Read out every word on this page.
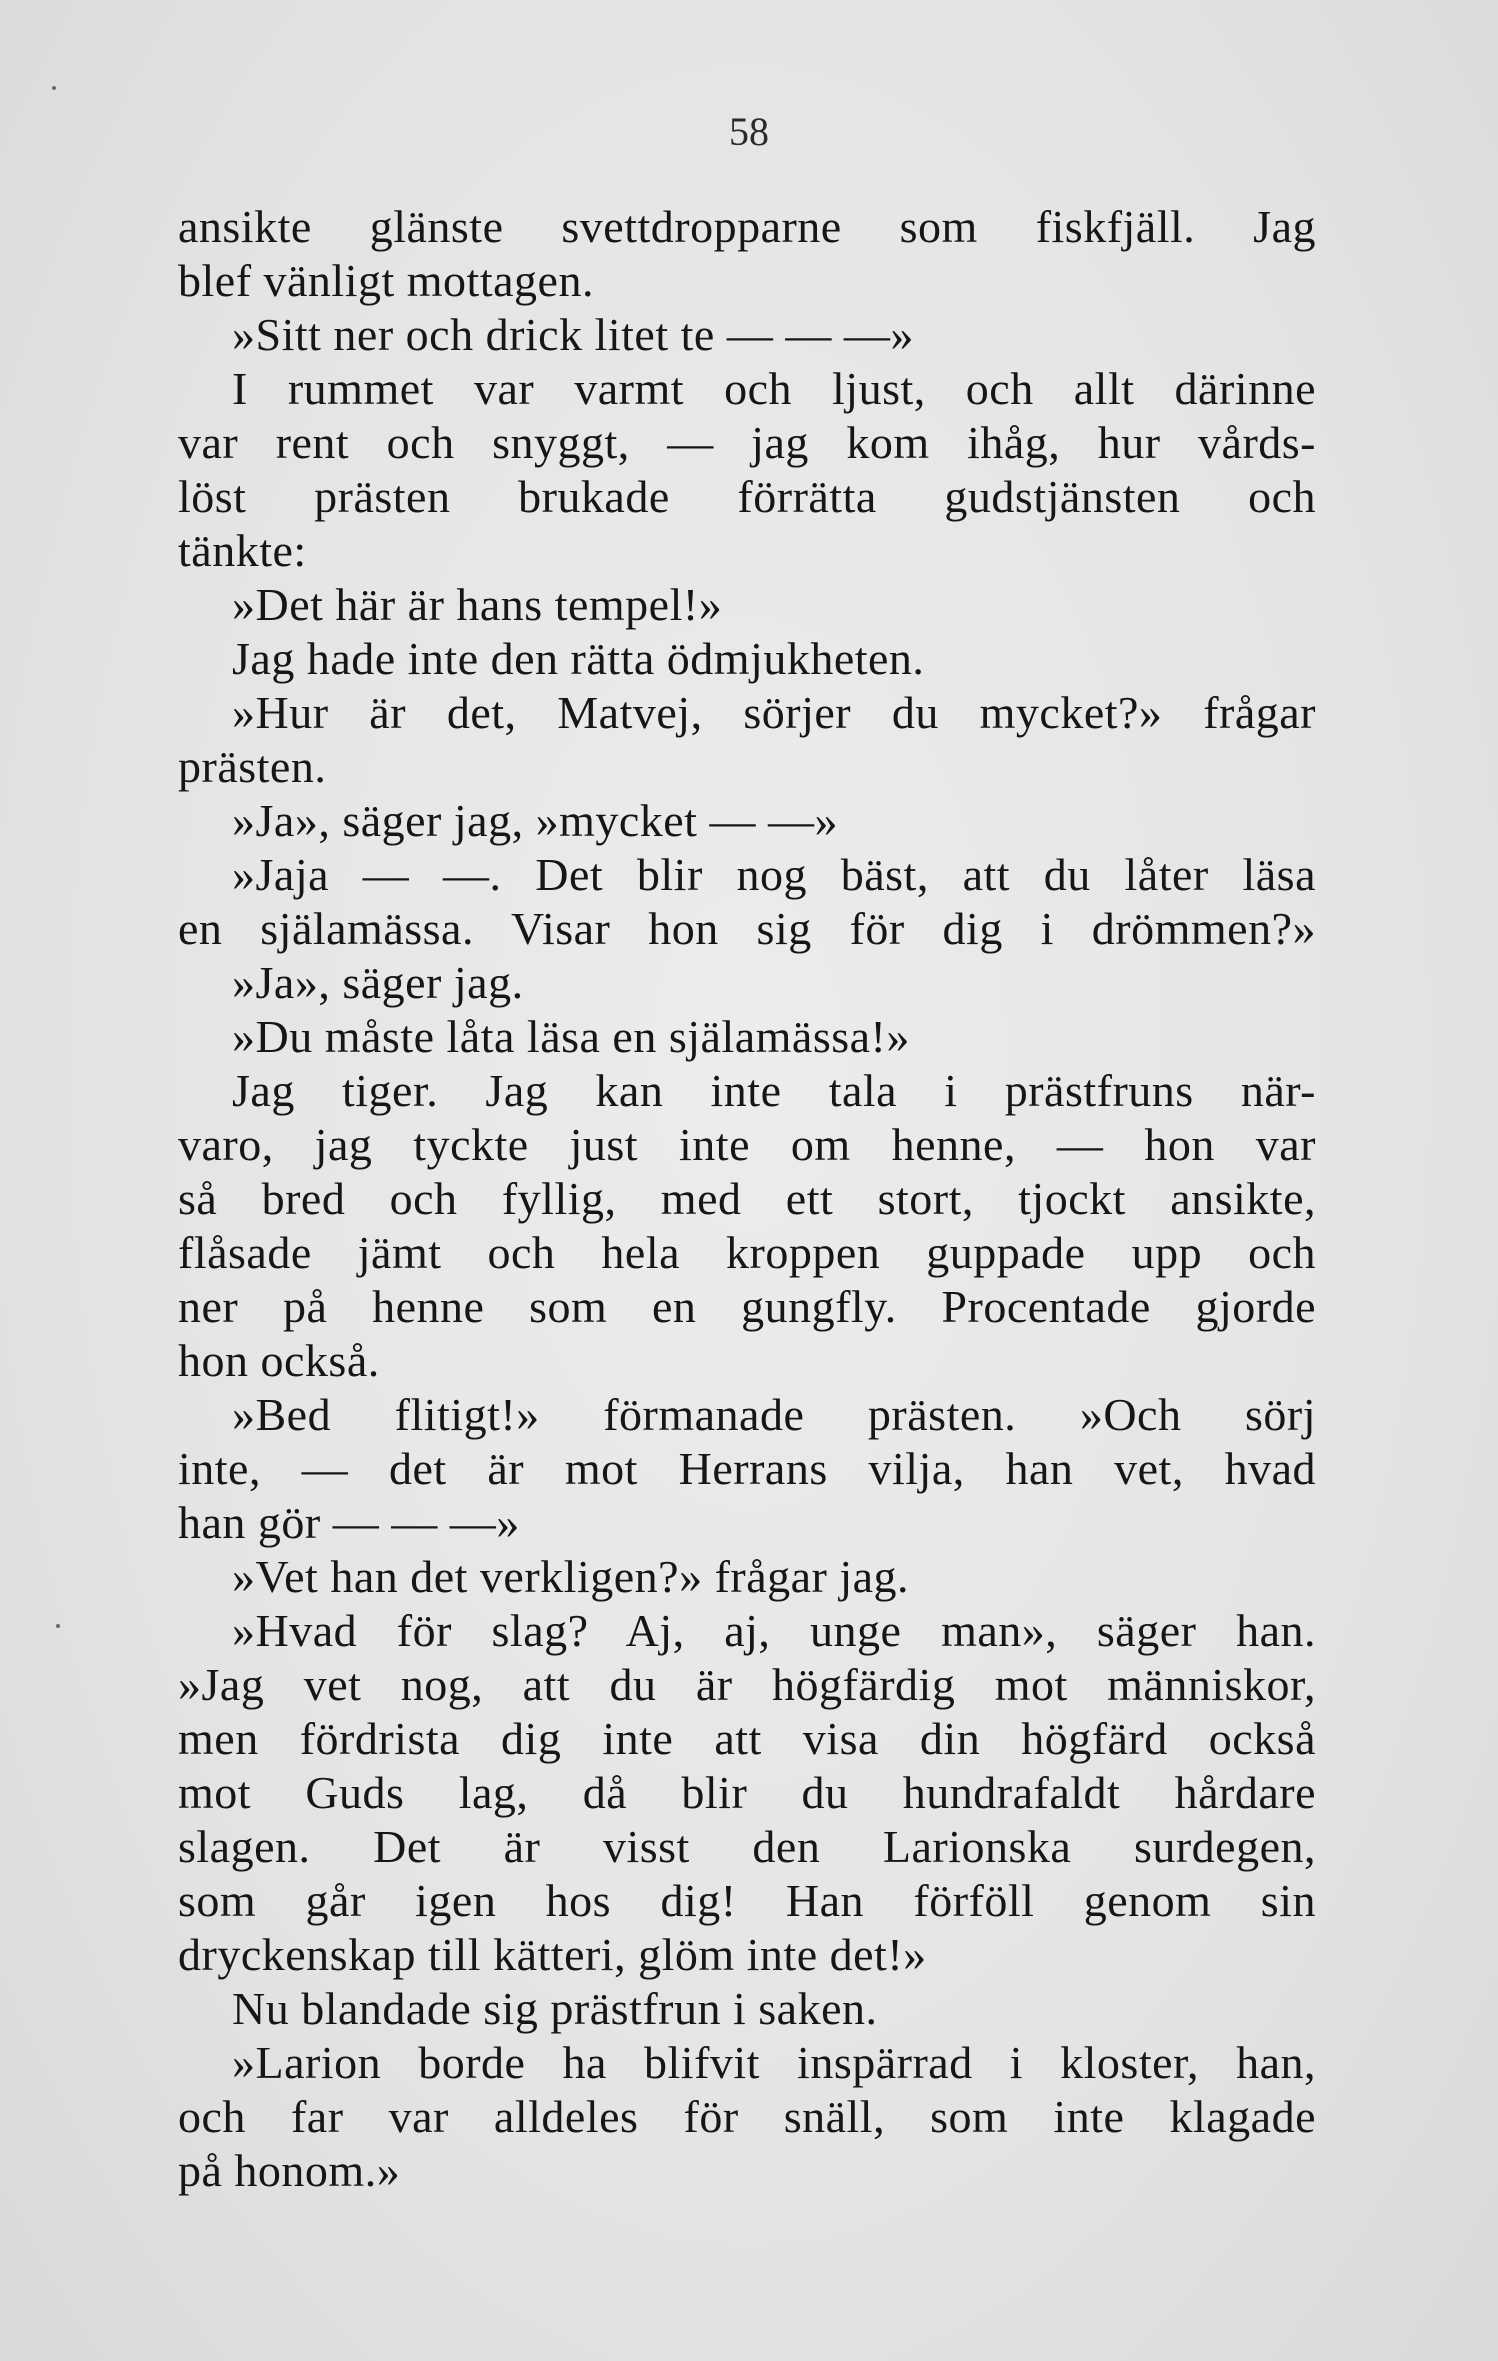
58
ansikte glänste svettdropparne som fiskfjäll. Jag
blef vänligt mottagen.
»Sitt ner och drick litet te — — —»
I rummet var varmt och ljust, och allt därinne
var rent och snyggt, — jag kom ihåg, hur vårds-
löst prästen brukade förrätta gudstjänsten och
tänkte:
»Det här är hans tempel!»
Jag hade inte den rätta ödmjukheten.
»Hur är det, Matvej, sörjer du mycket?» frågar
prästen.
»Ja», säger jag, »mycket — —»
»Jaja — —. Det blir nog bäst, att du låter läsa
en själamässa. Visar hon sig för dig i drömmen?»
»Ja», säger jag.
»Du måste låta läsa en själamässa!»
Jag tiger. Jag kan inte tala i prästfruns när-
varo, jag tyckte just inte om henne, — hon var
så bred och fyllig, med ett stort, tjockt ansikte,
flåsade jämt och hela kroppen guppade upp och
ner på henne som en gungfly. Procentade gjorde
hon också.
»Bed flitigt!» förmanade prästen. »Och sörj
inte, — det är mot Herrans vilja, han vet, hvad
han gör — — —»
»Vet han det verkligen?» frågar jag.
»Hvad för slag? Aj, aj, unge man», säger han.
»Jag vet nog, att du är högfärdig mot människor,
men fördrista dig inte att visa din högfärd också
mot Guds lag, då blir du hundrafaldt hårdare
slagen. Det är visst den Larionska surdegen,
som går igen hos dig! Han förföll genom sin
dryckenskap till kätteri, glöm inte det!»
Nu blandade sig prästfrun i saken.
»Larion borde ha blifvit inspärrad i kloster, han,
och far var alldeles för snäll, som inte klagade
på honom.»
